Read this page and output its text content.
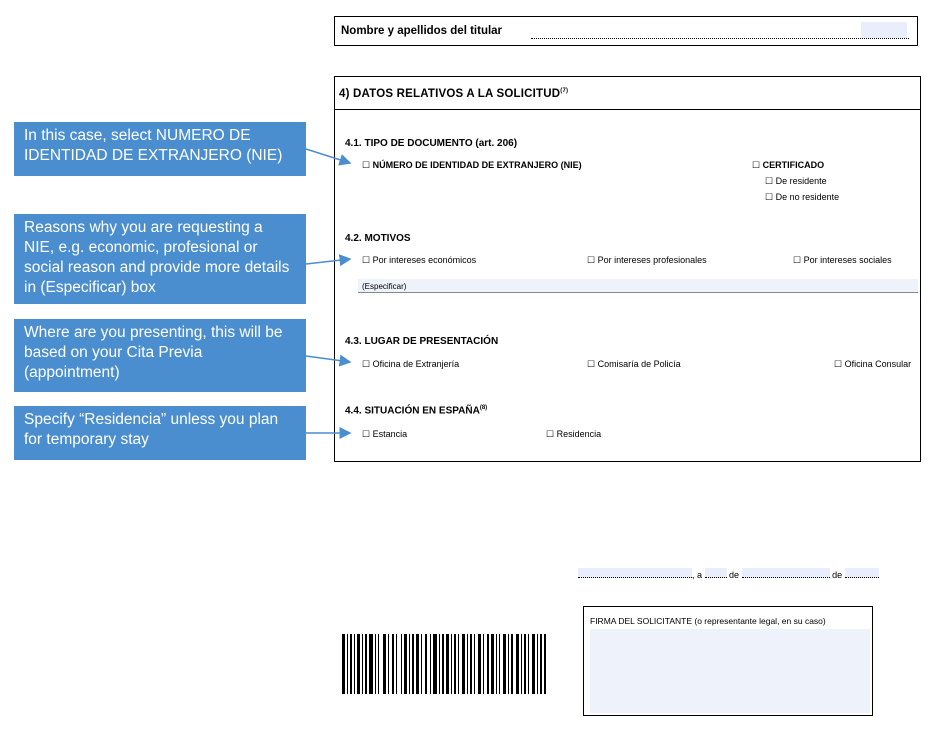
Nombre y apellidos del titular
4) DATOS RELATIVOS A LA SOLICITUD$^{(7)}$
4.1. TIPO DE DOCUMENTO (art. 206)
☐ NÚMERO DE IDENTIDAD DE EXTRANJERO (NIE)	☐ CERTIFICADO
☐ De residente
☐ De no residente
4.2. MOTIVOS
☐ Por intereses económicos	☐ Por intereses profesionales	☐ Por intereses sociales
(Especificar)
4.3. LUGAR DE PRESENTACIÓN
☐ Oficina de Extranjería	☐ Comisaría de Policía	☐ Oficina Consular
4.4. SITUACIÓN EN ESPAÑA$^{(8)}$
☐ Estancia	☐ Residencia
In this case, select NUMERO DE IDENTIDAD DE EXTRANJERO (NIE)
Reasons why you are requesting a NIE, e.g. economic, profesional or social reason and provide more details in (Especificar) box
Where are you presenting, this will be based on your Cita Previa (appointment)
Specify “Residencia” unless you plan for temporary stay
, a	de	de
FIRMA DEL SOLICITANTE (o representante legal, en su caso)
